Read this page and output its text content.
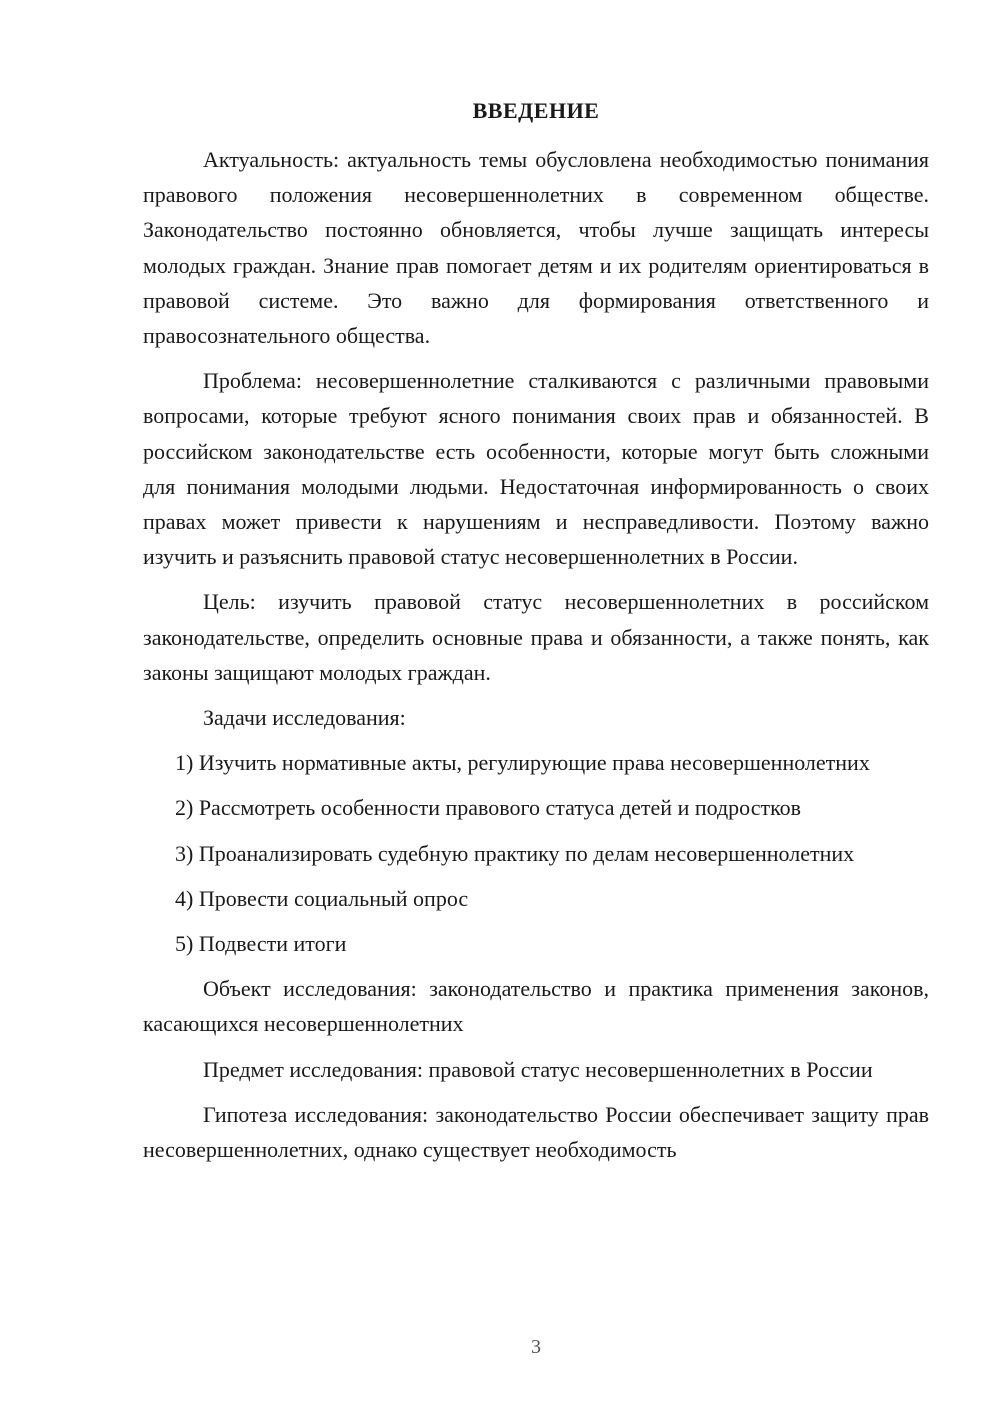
ВВЕДЕНИЕ

Актуальность: актуальность темы обусловлена необходимостью понимания правового положения несовершеннолетних в современном обществе. Законодательство постоянно обновляется, чтобы лучше защищать интересы молодых граждан. Знание прав помогает детям и их родителям ориентироваться в правовой системе. Это важно для формирования ответственного и правосознательного общества.

Проблема: несовершеннолетние сталкиваются с различными правовыми вопросами, которые требуют ясного понимания своих прав и обязанностей. В российском законодательстве есть особенности, которые могут быть сложными для понимания молодыми людьми. Недостаточная информированность о своих правах может привести к нарушениям и несправедливости. Поэтому важно изучить и разъяснить правовой статус несовершеннолетних в России.

Цель: изучить правовой статус несовершеннолетних в российском законодательстве, определить основные права и обязанности, а также понять, как законы защищают молодых граждан.

Задачи исследования:

1) Изучить нормативные акты, регулирующие права несовершеннолетних

2) Рассмотреть особенности правового статуса детей и подростков

3) Проанализировать судебную практику по делам несовершеннолетних

4) Провести социальный опрос

5) Подвести итоги

Объект исследования: законодательство и практика применения законов, касающихся несовершеннолетних

Предмет исследования: правовой статус несовершеннолетних в России

Гипотеза исследования: законодательство России обеспечивает защиту прав несовершеннолетних, однако существует необходимость

3
